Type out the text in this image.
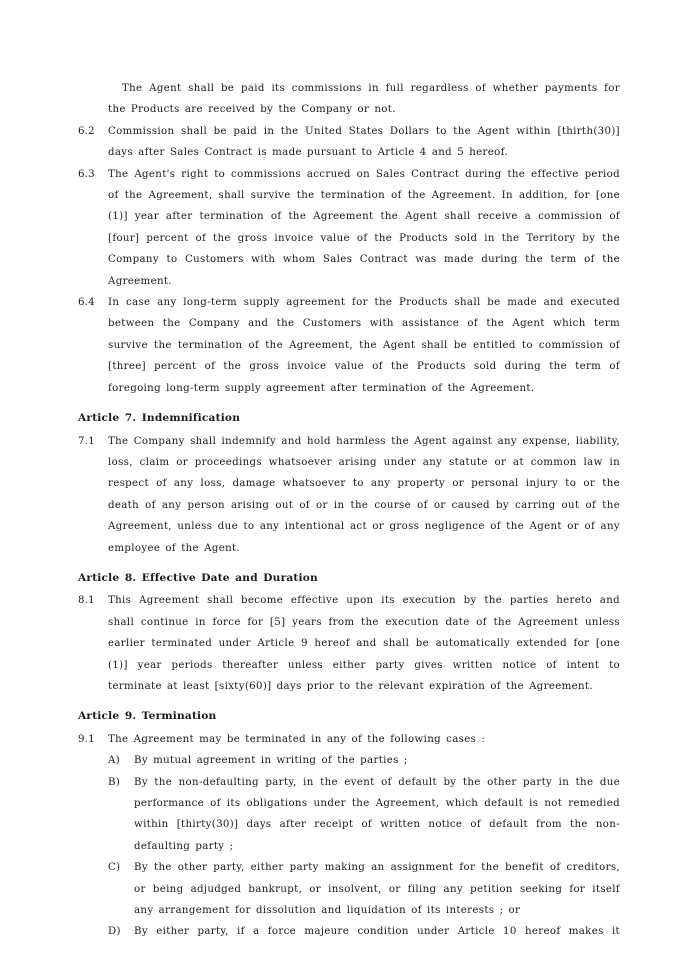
The Agent shall be paid its commissions in full regardless of whether payments for the Products are received by the Company or not.

6.2	Commission shall be paid in the United States Dollars to the Agent within [thirth(30)] days after Sales Contract is made pursuant to Article 4 and 5 hereof.
6.3	The Agent's right to commissions accrued on Sales Contract during the effective period of the Agreement, shall survive the termination of the Agreement. In addition, for [one (1)] year after termination of the Agreement the Agent shall receive a commission of [four] percent of the gross invoice value of the Products sold in the Territory by the Company to Customers with whom Sales Contract was made during the term of the Agreement.
6.4	In case any long-term supply agreement for the Products shall be made and executed between the Company and the Customers with assistance of the Agent which term survive the termination of the Agreement, the Agent shall be entitled to commission of [three] percent of the gross invoice value of the Products sold during the term of foregoing long-term supply agreement after termination of the Agreement.
Article 7. Indemnification
7.1	The Company shall indemnify and hold harmless the Agent against any expense, liability, loss, claim or proceedings whatsoever arising under any statute or at common law in respect of any loss, damage whatsoever to any property or personal injury to or the death of any person arising out of or in the course of or caused by carring out of the Agreement, unless due to any intentional act or gross negligence of the Agent or of any employee of the Agent.
Article 8. Effective Date and Duration
8.1	This Agreement shall become effective upon its execution by the parties hereto and shall continue in force for [5] years from the execution date of the Agreement unless earlier terminated under Article 9 hereof and shall be automatically extended for [one (1)] year periods thereafter unless either party gives written notice of intent to terminate at least [sixty(60)] days prior to the relevant expiration of the Agreement.
Article 9. Termination
9.1	The Agreement may be terminated in any of the following cases :
A)	By mutual agreement in writing of the parties ;
B)	By the non-defaulting party, in the event of default by the other party in the due performance of its obligations under the Agreement, which default is not remedied within [thirty(30)] days after receipt of written notice of default from the non-defaulting party ;
C)	By the other party, either party making an assignment for the benefit of creditors, or being adjudged bankrupt, or insolvent, or filing any petition seeking for itself any arrangement for dissolution and liquidation of its interests ; or
D)	By either party, if a force majeure condition under Article 10 hereof makes it
